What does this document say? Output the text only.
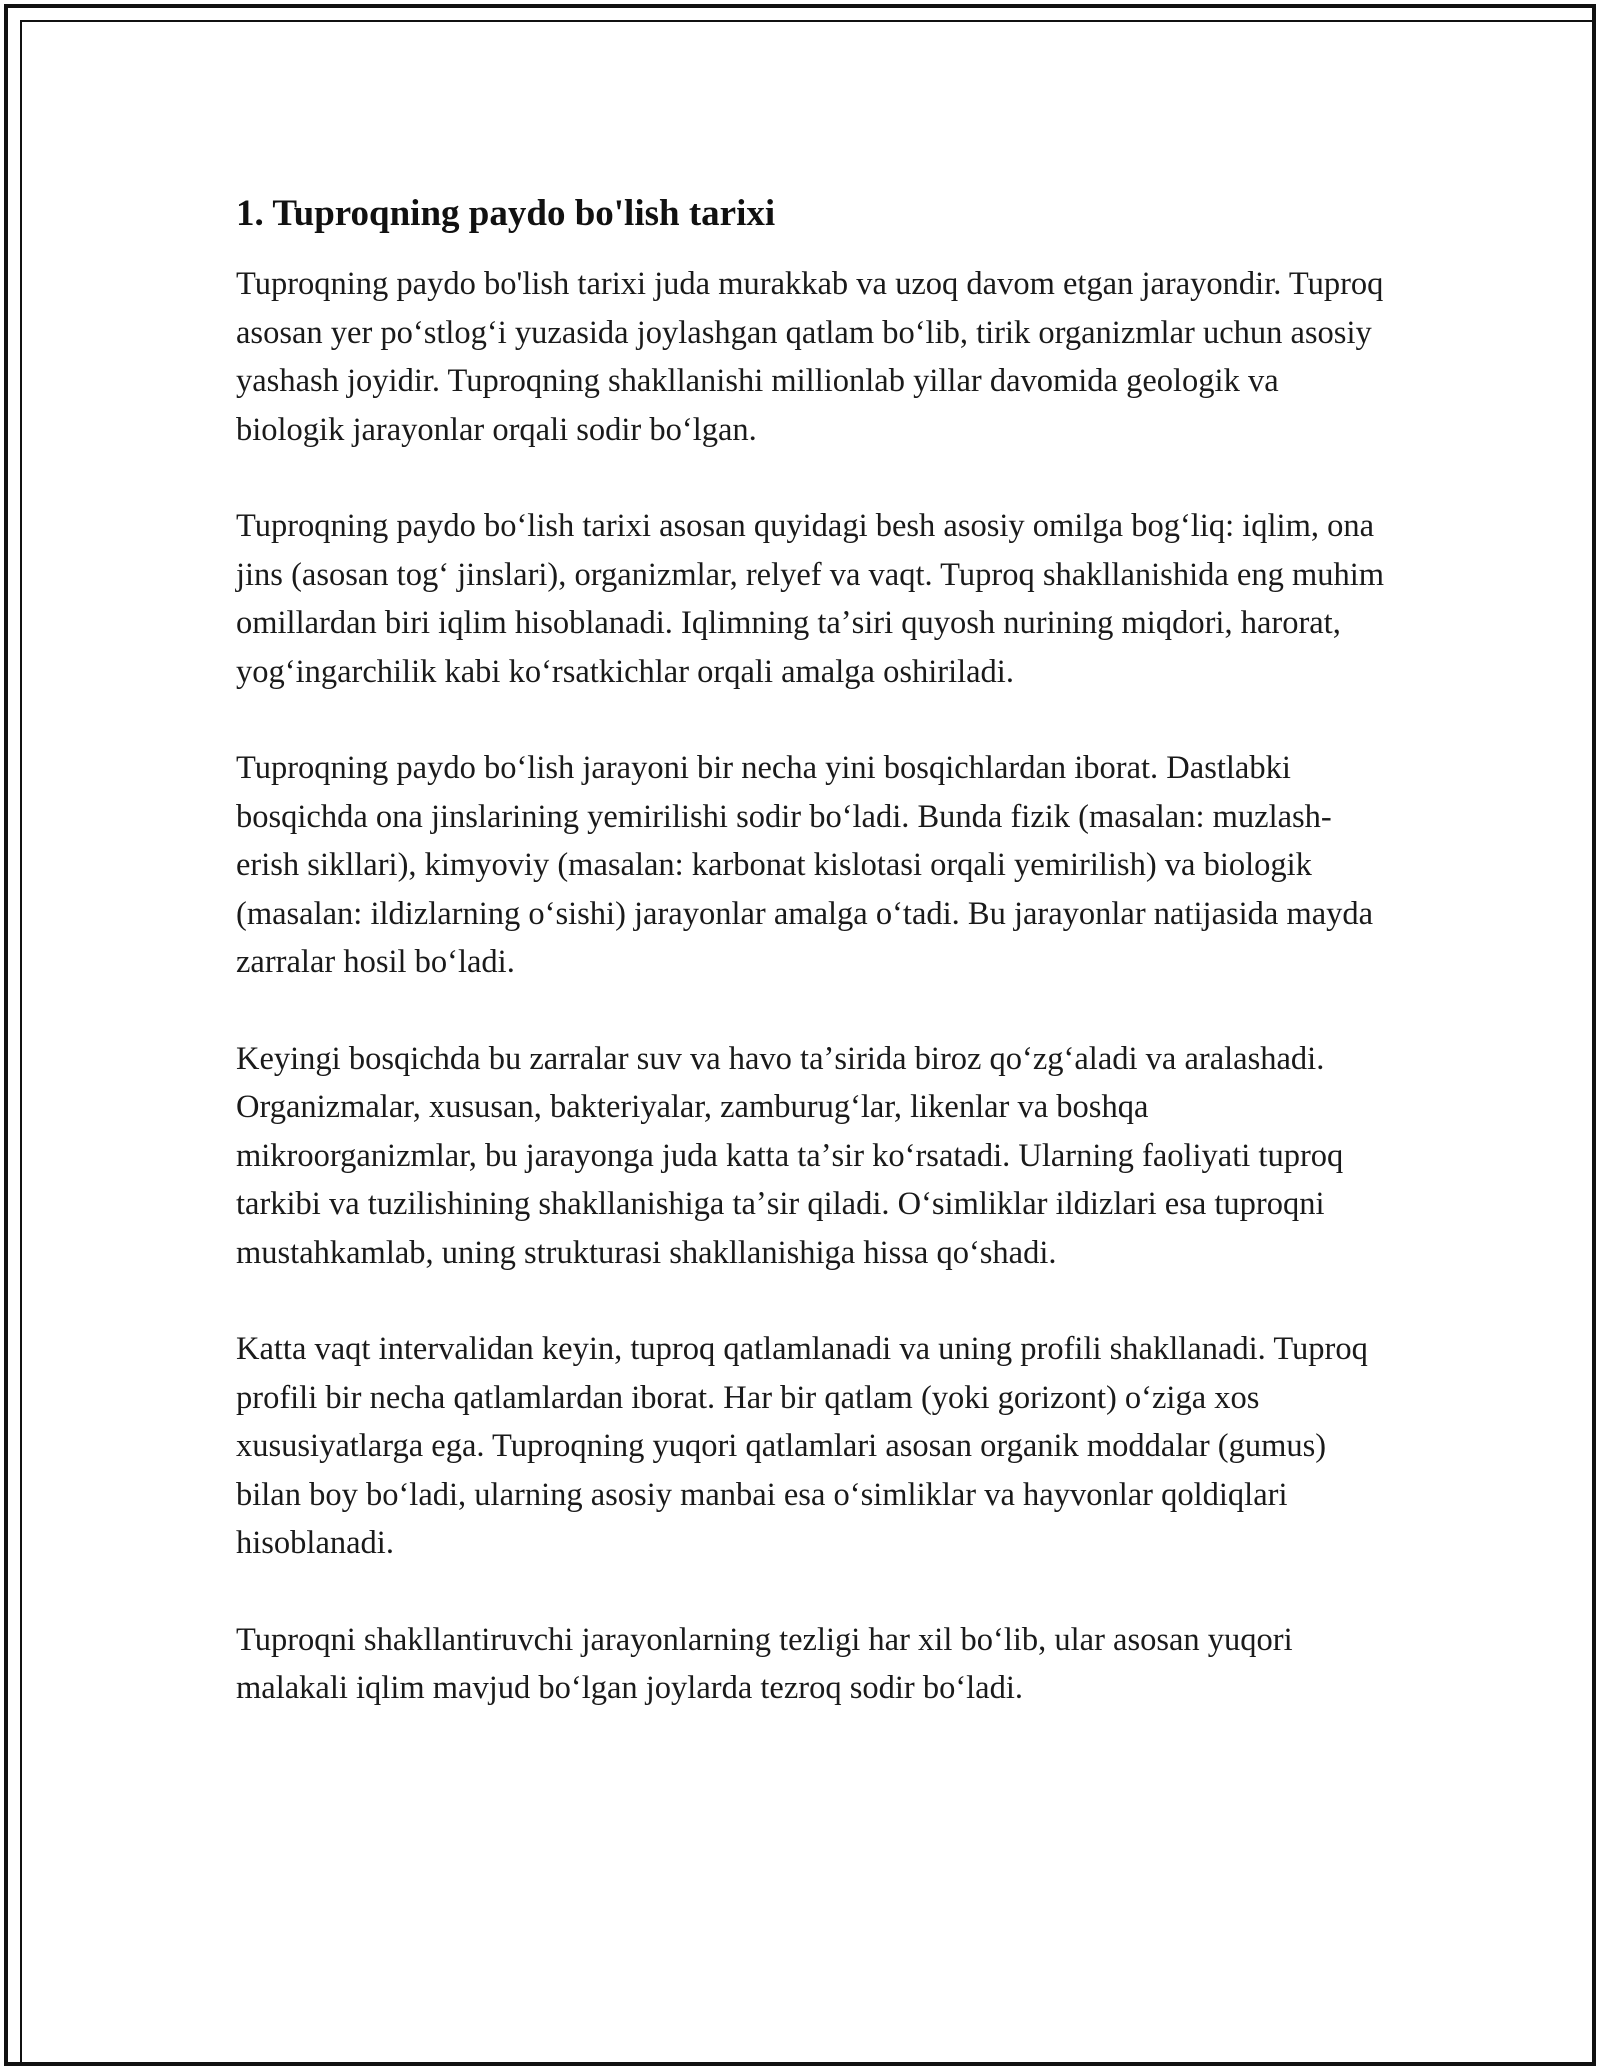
1. Tuproqning paydo bo'lish tarixi

Tuproqning paydo bo'lish tarixi juda murakkab va uzoq davom etgan jarayondir. Tuproq asosan yer poʻstlogʻi yuzasida joylashgan qatlam boʻlib, tirik organizmlar uchun asosiy yashash joyidir. Tuproqning shakllanishi millionlab yillar davomida geologik va biologik jarayonlar orqali sodir boʻlgan.

Tuproqning paydo boʻlish tarixi asosan quyidagi besh asosiy omilga bogʻliq: iqlim, ona jins (asosan togʻ jinslari), organizmlar, relyef va vaqt. Tuproq shakllanishida eng muhim omillardan biri iqlim hisoblanadi. Iqlimning taʼsiri quyosh nurining miqdori, harorat, yogʻingarchilik kabi koʻrsatkichlar orqali amalga oshiriladi.

Tuproqning paydo boʻlish jarayoni bir necha yini bosqichlardan iborat. Dastlabki bosqichda ona jinslarining yemirilishi sodir boʻladi. Bunda fizik (masalan: muzlash-erish sikllari), kimyoviy (masalan: karbonat kislotasi orqali yemirilish) va biologik (masalan: ildizlarning oʻsishi) jarayonlar amalga oʻtadi. Bu jarayonlar natijasida mayda zarralar hosil boʻladi.

Keyingi bosqichda bu zarralar suv va havo taʼsirida biroz qoʻzgʻaladi va aralashadi. Organizmalar, xususan, bakteriyalar, zamburugʻlar, likenlar va boshqa mikroorganizmlar, bu jarayonga juda katta taʼsir koʻrsatadi. Ularning faoliyati tuproq tarkibi va tuzilishining shakllanishiga taʼsir qiladi. Oʻsimliklar ildizlari esa tuproqni mustahkamlab, uning strukturasi shakllanishiga hissa qoʻshadi.

Katta vaqt intervalidan keyin, tuproq qatlamlanadi va uning profili shakllanadi. Tuproq profili bir necha qatlamlardan iborat. Har bir qatlam (yoki gorizont) oʻziga xos xususiyatlarga ega. Tuproqning yuqori qatlamlari asosan organik moddalar (gumus) bilan boy boʻladi, ularning asosiy manbai esa oʻsimliklar va hayvonlar qoldiqlari hisoblanadi.

Tuproqni shakllantiruvchi jarayonlarning tezligi har xil boʻlib, ular asosan yuqori malakali iqlim mavjud boʻlgan joylarda tezroq sodir boʻladi.
